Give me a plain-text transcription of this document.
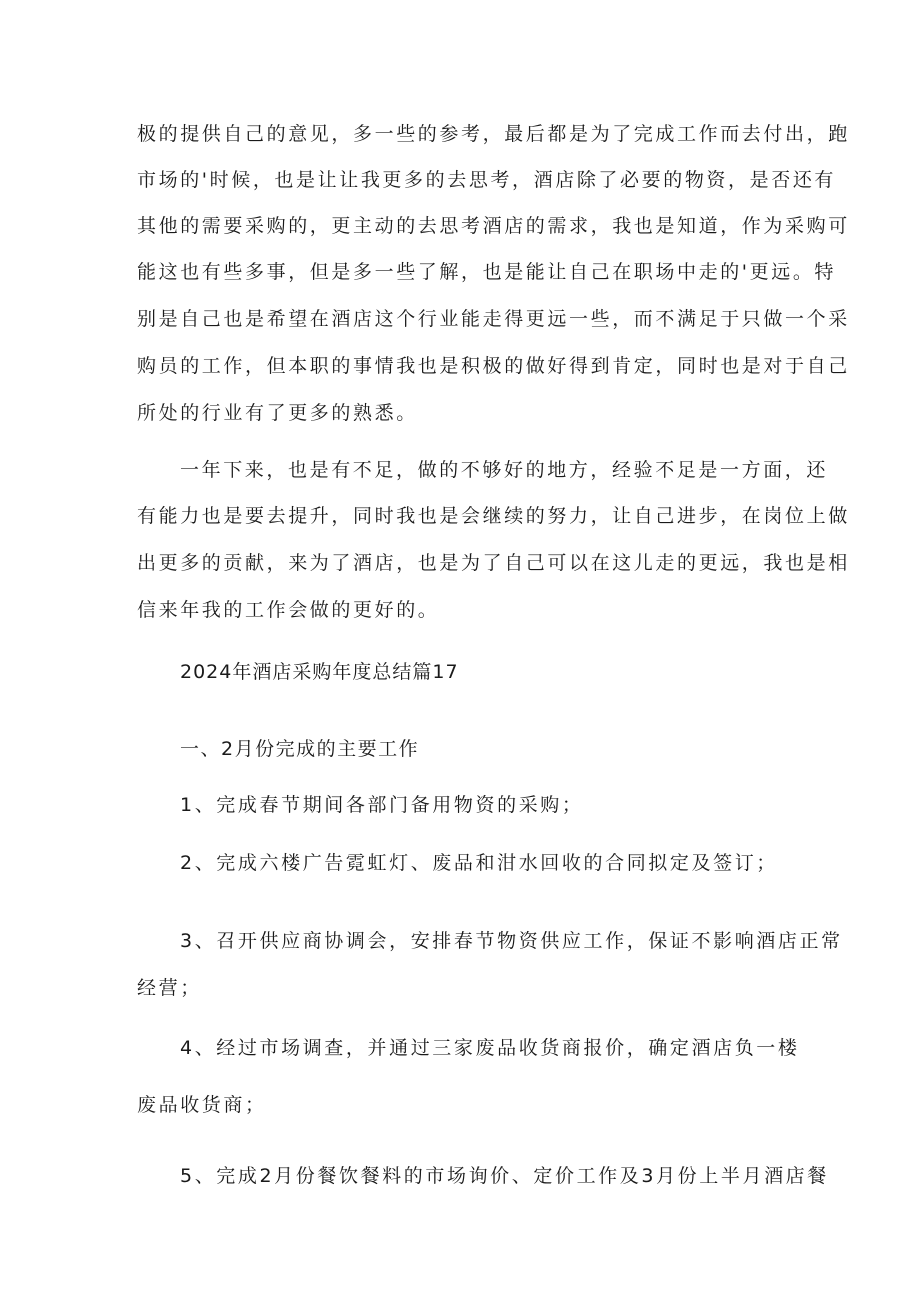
极的提供自己的意见，多一些的参考，最后都是为了完成工作而去付出，跑
市场的'时候，也是让让我更多的去思考，酒店除了必要的物资，是否还有
其他的需要采购的，更主动的去思考酒店的需求，我也是知道，作为采购可
能这也有些多事，但是多一些了解，也是能让自己在职场中走的'更远。特
别是自己也是希望在酒店这个行业能走得更远一些，而不满足于只做一个采
购员的工作，但本职的事情我也是积极的做好得到肯定，同时也是对于自己
所处的行业有了更多的熟悉。
一年下来，也是有不足，做的不够好的地方，经验不足是一方面，还
有能力也是要去提升，同时我也是会继续的努力，让自己进步，在岗位上做
出更多的贡献，来为了酒店，也是为了自己可以在这儿走的更远，我也是相
信来年我的工作会做的更好的。
2024年酒店采购年度总结篇17
一、2月份完成的主要工作
1、完成春节期间各部门备用物资的采购；
2、完成六楼广告霓虹灯、废品和泔水回收的合同拟定及签订；
3、召开供应商协调会，安排春节物资供应工作，保证不影响酒店正常
经营；
4、经过市场调查，并通过三家废品收货商报价，确定酒店负一楼
废品收货商；
5、完成2月份餐饮餐料的市场询价、定价工作及3月份上半月酒店餐
